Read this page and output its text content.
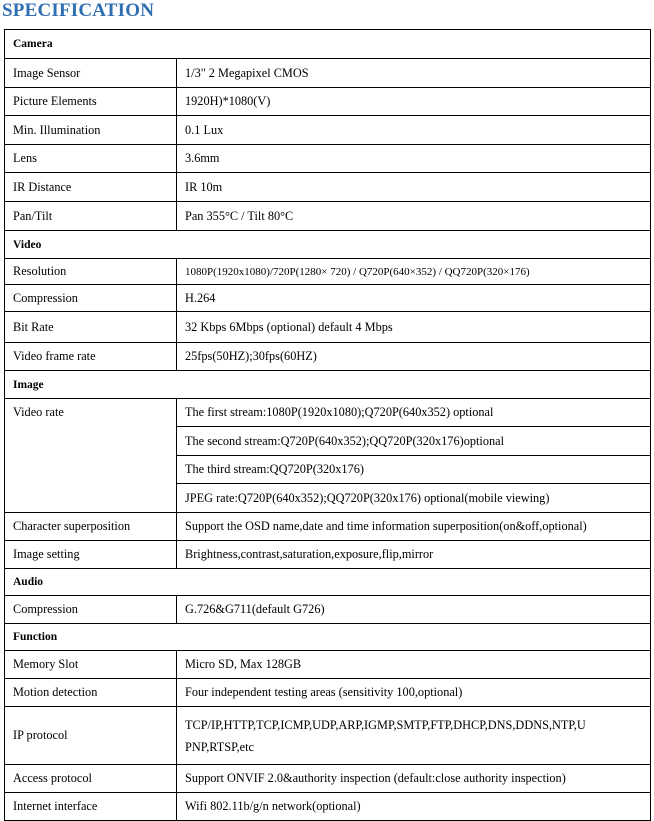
SPECIFICATION
Camera	
Image Sensor	1/3" 2 Megapixel CMOS
Picture Elements	1920H)*1080(V)
Min. Illumination	0.1 Lux
Lens	3.6mm
IR Distance	IR 10m
Pan/Tilt	Pan 355°C / Tilt 80°C
Video	
Resolution	1080P(1920x1080)/720P(1280× 720) / Q720P(640×352) / QQ720P(320×176)
Compression	H.264
Bit Rate	32 Kbps 6Mbps (optional) default 4 Mbps
Video frame rate	25fps(50HZ);30fps(60HZ)
Image	
Video rate	The first stream:1080P(1920x1080);Q720P(640x352) optional
	The second stream:Q720P(640x352);QQ720P(320x176)optional
	The third stream:QQ720P(320x176)
	JPEG rate:Q720P(640x352);QQ720P(320x176) optional(mobile viewing)
Character superposition	Support the OSD name,date and time information superposition(on&off,optional)
Image setting	Brightness,contrast,saturation,exposure,flip,mirror
Audio	
Compression	G.726&G711(default G726)
Function	
Memory Slot	Micro SD, Max 128GB
Motion detection	Four independent testing areas (sensitivity 100,optional)
IP protocol	TCP/IP,HTTP,TCP,ICMP,UDP,ARP,IGMP,SMTP,FTP,DHCP,DNS,DDNS,NTP,U
PNP,RTSP,etc

Access protocol	Support ONVIF 2.0&authority inspection (default:close authority inspection)
Internet interface	Wifi 802.11b/g/n network(optional)
